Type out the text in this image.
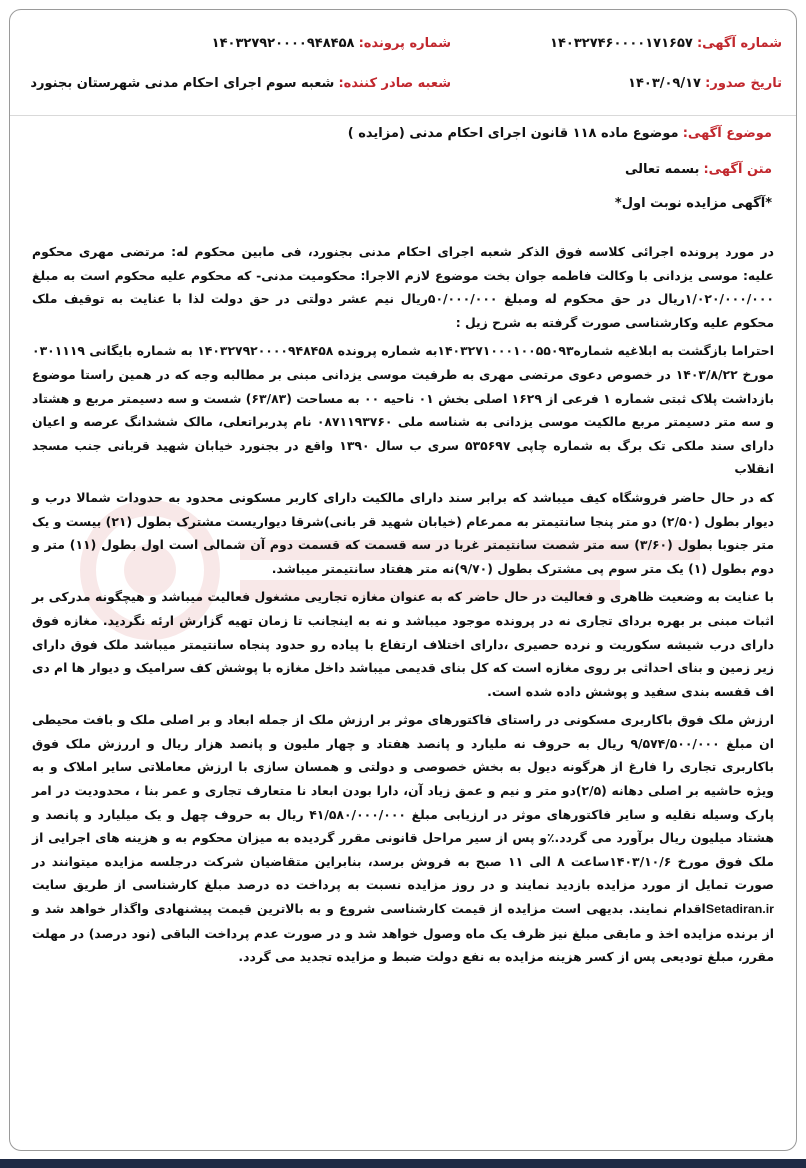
شماره آگهی: ۱۴۰۳۲۷۴۶۰۰۰۰۱۷۱۶۵۷
شماره پرونده: ۱۴۰۳۲۷۹۲۰۰۰۰۹۴۸۴۵۸
تاریخ صدور: ۱۴۰۳/۰۹/۱۷
شعبه صادر کننده: شعبه سوم اجرای احکام مدنی شهرستان بجنورد
موضوع آگهی: موضوع ماده ۱۱۸ قانون اجرای احکام مدنی (مزایده )
متن آگهی: بسمه تعالی
*آگهی مزایده نوبت اول*

در مورد پرونده اجرائی کلاسه فوق الذکر شعبه اجرای احکام مدنی بجنورد، فی مابین محکوم له: مرتضی مهری محکوم علیه: موسی یزدانی با وکالت فاطمه جوان بخت موضوع لازم الاجرا: محکومیت مدنی- که محکوم علیه محکوم است به مبلغ ۱/۰۲۰/۰۰۰/۰۰۰ریال در حق محکوم له ومبلغ ۵۰/۰۰۰/۰۰۰ریال نیم عشر دولتی در حق دولت لذا با عنایت به توقیف ملک محکوم علیه وکارشناسی صورت گرفته به شرح زیل :

احتراما بازگشت به ابلاغیه شماره۱۴۰۳۲۷۱۰۰۰۱۰۰۵۵۰۹۳به شماره پرونده ۱۴۰۳۲۷۹۲۰۰۰۰۹۴۸۴۵۸ به شماره بایگانی ۰۳۰۱۱۱۹ مورخ ۱۴۰۳/۸/۲۲ در خصوص دعوی مرتضی مهری به طرفیت موسی یزدانی مبنی بر مطالبه وجه که در همین راستا موضوع بازداشت پلاک ثبتی شماره ۱ فرعی از ۱۶۲۹ اصلی بخش ۰۱ ناحیه ۰۰ به مساحت (۶۳/۸۳) شست و سه دسیمتر مربع و هشتاد و سه متر دسیمتر مربع مالکیت موسی یزدانی به شناسه ملی ۰۸۷۱۱۹۳۷۶۰ نام پدربراتعلی، مالک ششدانگ عرصه و اعیان دارای سند ملکی تک برگ به شماره چاپی ۵۳۵۶۹۷ سری ب سال ۱۳۹۰ واقع در بجنورد خیابان شهید قربانی جنب مسجد انقلاب

که در حال حاضر فروشگاه کیف میباشد که برابر سند دارای مالکیت دارای کاربر مسکونی محدود به حدودات شمالا درب و دیوار بطول (۲/۵۰) دو متر پنجا سانتیمتر به ممرعام (خیابان شهید قر بانی)شرقا دیواریست مشترک بطول (۲۱) بیست و یک متر جنوبا بطول (۳/۶۰) سه متر شصت سانتیمتر غربا در سه قسمت که قسمت دوم آن شمالی است اول بطول (۱۱) متر و دوم بطول (۱) یک متر سوم پی مشترک بطول (۹/۷۰)نه متر هفتاد سانتیمتر میباشد.

با عنایت به وضعیت ظاهری و فعالیت در حال حاضر که به عنوان مغازه تجاریی مشغول فعالیت میباشد و هیچگونه مدرکی بر اثبات مبنی بر بهره بردای تجاری نه در پرونده موجود میباشد و نه به اینجانب تا زمان تهیه گزارش ارئه نگردید. مغازه فوق دارای درب شیشه سکوریت و نرده حصیری ،دارای اختلاف ارتفاع با پیاده رو حدود پنجاه سانتیمتر میباشد ملک فوق دارای زیر زمین و بنای احداثی بر روی مغازه است که کل بنای قدیمی میباشد داخل مغازه با پوشش کف سرامیک و دیوار ها ام دی اف قفسه بندی سفید و پوشش داده شده است.

ارزش ملک فوق باکاربری مسکونی در راستای فاکتورهای موثر بر ارزش ملک از جمله ابعاد و بر اصلی ملک و بافت محیطی ان مبلغ ۹/۵۷۴/۵۰۰/۰۰۰ ریال به حروف نه ملیارد و پانصد هفتاد و چهار ملیون و پانصد هزار ریال و اررزش ملک فوق باکاربری تجاری را فارغ از هرگونه دیول به بخش خصوصی و دولتی و همسان سازی با ارزش معاملاتی سایر املاک و به ویژه حاشیه بر اصلی دهانه (۲/۵)دو متر و نیم و عمق زیاد آن، دارا بودن ابعاد نا متعارف تجاری و عمر بنا ، محدودیت در امر پارک وسیله نقلیه و سایر فاکتورهای موثر در ارزیابی مبلغ ۴۱/۵۸۰/۰۰۰/۰۰۰ ریال به حروف چهل و یک میلیارد و پانصد و هشتاد میلیون ریال برآورد می گردد.٪و پس از سیر مراحل قانونی مقرر گردیده به میزان محکوم به و هزینه های اجرایی از ملک فوق مورخ ۱۴۰۳/۱۰/۶ساعت ۸ الی ۱۱ صبح به فروش برسد، بنابراین متقاضیان شرکت درجلسه مزایده میتوانند در صورت تمایل از مورد مزایده بازدید نمایند و در روز مزایده نسبت به پرداخت ده درصد مبلغ کارشناسی از طریق سایت Setadiran.irاقدام نمایند. بدیهی است مزایده از قیمت کارشناسی شروع و به بالاترین قیمت پیشنهادی واگذار خواهد شد و از برنده مزایده اخذ و مابقی مبلغ نیز ظرف یک ماه وصول خواهد شد و در صورت عدم پرداخت الباقی (نود درصد) در مهلت مقرر، مبلغ تودیعی پس از کسر هزینه مزایده به نفع دولت ضبط و مزایده تجدید می گردد.
